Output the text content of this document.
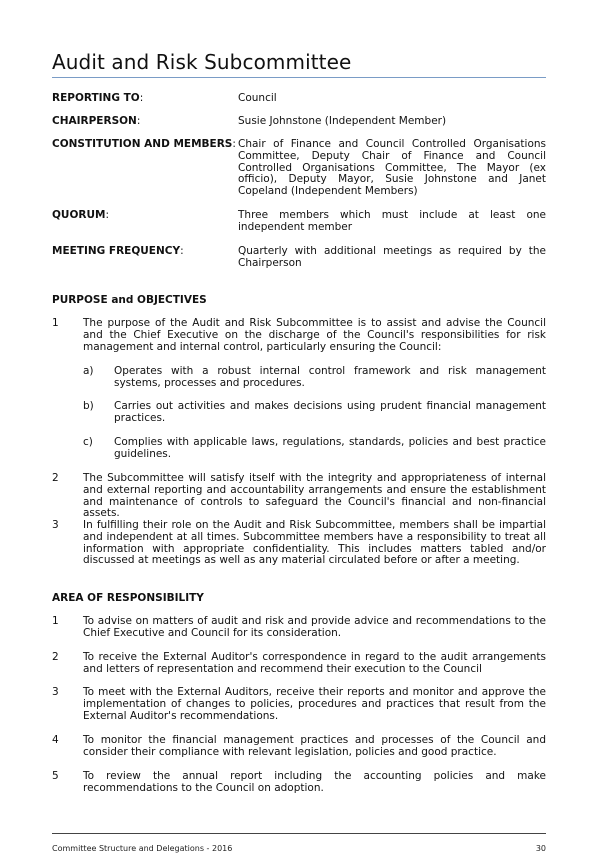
Audit and Risk Subcommittee
REPORTING TO:	Council
CHAIRPERSON:	Susie Johnstone (Independent Member)
CONSTITUTION AND MEMBERS: Chair of Finance and Council Controlled Organisations Committee, Deputy Chair of Finance and Council Controlled Organisations Committee, The Mayor (ex officio), Deputy Mayor, Susie Johnstone and Janet Copeland (Independent Members)
QUORUM:	Three members which must include at least one independent member
MEETING FREQUENCY:	Quarterly with additional meetings as required by the Chairperson
PURPOSE and OBJECTIVES
1 The purpose of the Audit and Risk Subcommittee is to assist and advise the Council and the Chief Executive on the discharge of the Council's responsibilities for risk management and internal control, particularly ensuring the Council:
a) Operates with a robust internal control framework and risk management systems, processes and procedures.
b) Carries out activities and makes decisions using prudent financial management practices.
c) Complies with applicable laws, regulations, standards, policies and best practice guidelines.
2 The Subcommittee will satisfy itself with the integrity and appropriateness of internal and external reporting and accountability arrangements and ensure the establishment and maintenance of controls to safeguard the Council's financial and non-financial assets.
3 In fulfilling their role on the Audit and Risk Subcommittee, members shall be impartial and independent at all times. Subcommittee members have a responsibility to treat all information with appropriate confidentiality. This includes matters tabled and/or discussed at meetings as well as any material circulated before or after a meeting.
AREA OF RESPONSIBILITY
1 To advise on matters of audit and risk and provide advice and recommendations to the Chief Executive and Council for its consideration.
2 To receive the External Auditor's correspondence in regard to the audit arrangements and letters of representation and recommend their execution to the Council
3 To meet with the External Auditors, receive their reports and monitor and approve the implementation of changes to policies, procedures and practices that result from the External Auditor's recommendations.
4 To monitor the financial management practices and processes of the Council and consider their compliance with relevant legislation, policies and good practice.
5 To review the annual report including the accounting policies and make recommendations to the Council on adoption.
Committee Structure and Delegations - 2016	30
